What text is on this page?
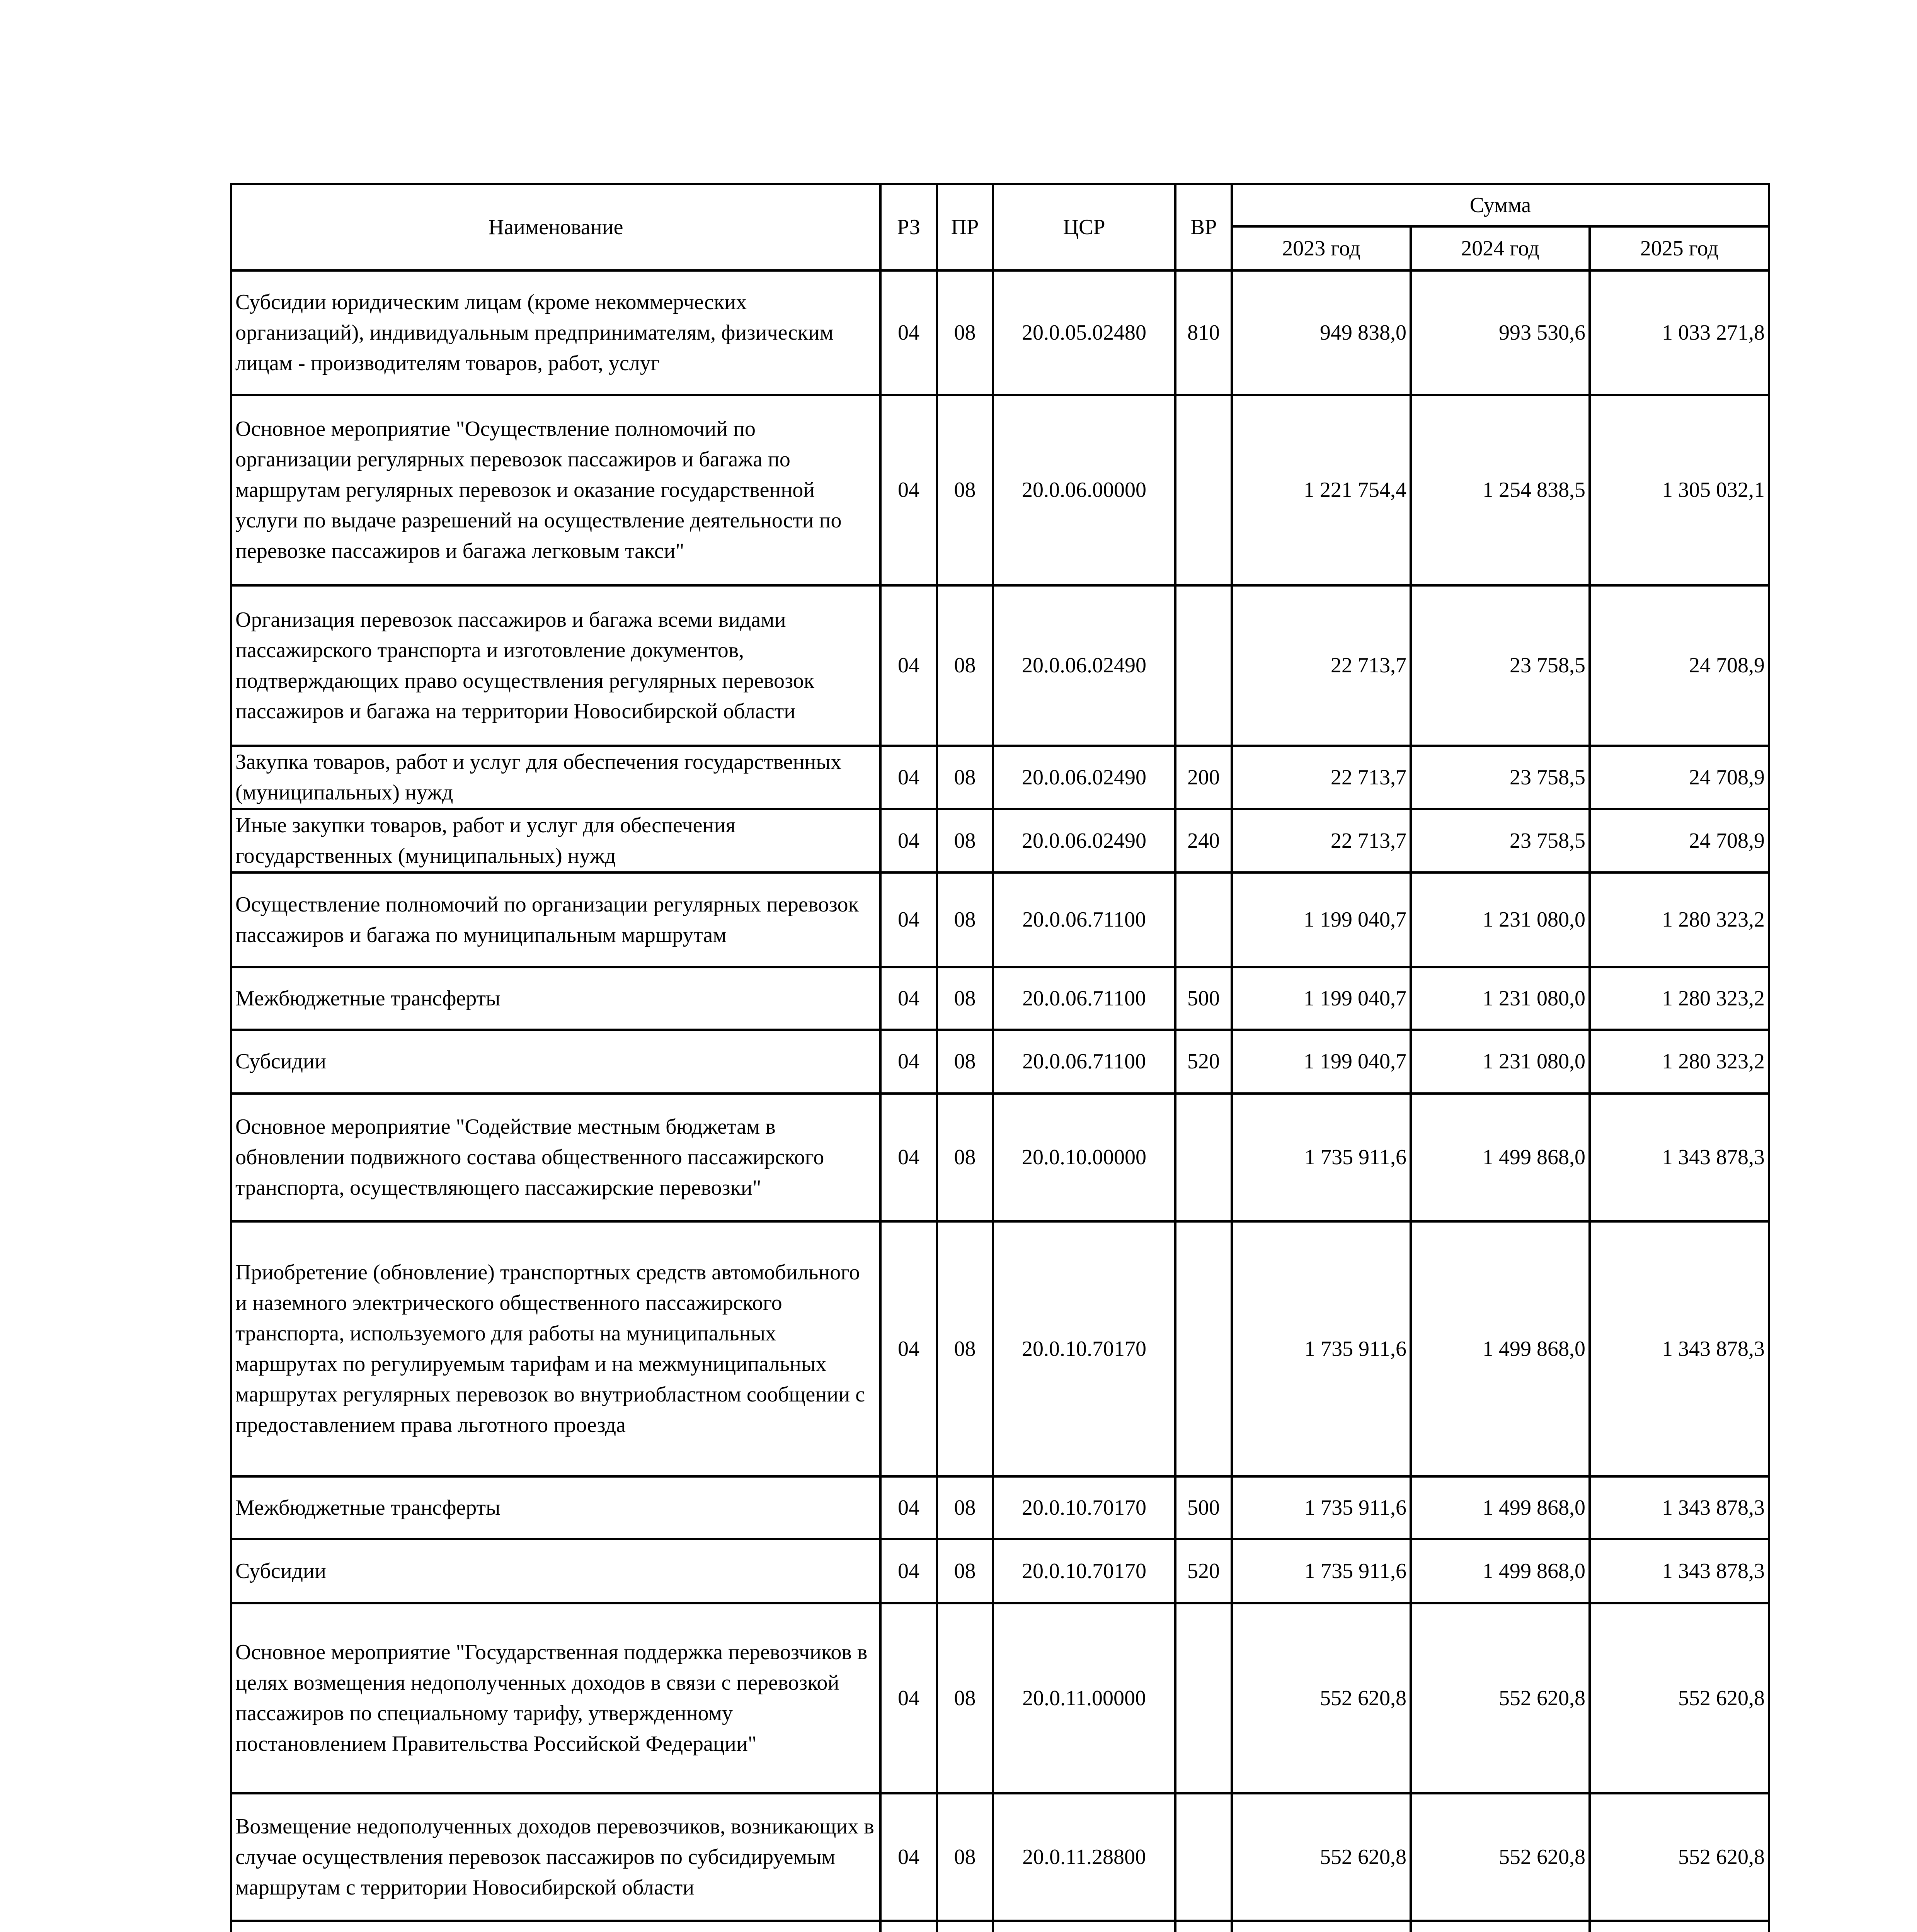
Наименование	РЗ	ПР	ЦСР	ВР	Сумма		
					2023 год	2024 год	2025 год
Субсидии юридическим лицам (кроме некоммерческих организаций), индивидуальным предпринимателям, физическим лицам - производителям товаров, работ, услуг	04	08	20.0.05.02480	810	949 838,0	993 530,6	1 033 271,8
Основное мероприятие "Осуществление полномочий по организации регулярных перевозок пассажиров и багажа по маршрутам регулярных перевозок и оказание государственной услуги по выдаче разрешений на осуществление деятельности по перевозке пассажиров и багажа легковым такси"	04	08	20.0.06.00000		1 221 754,4	1 254 838,5	1 305 032,1
Организация перевозок пассажиров и багажа всеми видами пассажирского транспорта и изготовление документов, подтверждающих право осуществления регулярных перевозок пассажиров и багажа на территории Новосибирской области	04	08	20.0.06.02490		22 713,7	23 758,5	24 708,9
Закупка товаров, работ и услуг для обеспечения государственных (муниципальных) нужд	04	08	20.0.06.02490	200	22 713,7	23 758,5	24 708,9
Иные закупки товаров, работ и услуг для обеспечения государственных (муниципальных) нужд	04	08	20.0.06.02490	240	22 713,7	23 758,5	24 708,9
Осуществление полномочий по организации регулярных перевозок пассажиров и багажа по муниципальным маршрутам	04	08	20.0.06.71100		1 199 040,7	1 231 080,0	1 280 323,2
Межбюджетные трансферты	04	08	20.0.06.71100	500	1 199 040,7	1 231 080,0	1 280 323,2
Субсидии	04	08	20.0.06.71100	520	1 199 040,7	1 231 080,0	1 280 323,2
Основное мероприятие "Содействие местным бюджетам в обновлении подвижного состава общественного пассажирского транспорта, осуществляющего пассажирские перевозки"	04	08	20.0.10.00000		1 735 911,6	1 499 868,0	1 343 878,3
Приобретение (обновление) транспортных средств автомобильного и наземного электрического общественного пассажирского транспорта, используемого для работы на муниципальных маршрутах по регулируемым тарифам и на межмуниципальных маршрутах регулярных перевозок во внутриобластном сообщении с предоставлением права льготного проезда	04	08	20.0.10.70170		1 735 911,6	1 499 868,0	1 343 878,3
Межбюджетные трансферты	04	08	20.0.10.70170	500	1 735 911,6	1 499 868,0	1 343 878,3
Субсидии	04	08	20.0.10.70170	520	1 735 911,6	1 499 868,0	1 343 878,3
Основное мероприятие "Государственная поддержка перевозчиков в целях возмещения недополученных доходов в связи с перевозкой пассажиров по специальному тарифу, утвержденному постановлением Правительства Российской Федерации"	04	08	20.0.11.00000		552 620,8	552 620,8	552 620,8
Возмещение недополученных доходов перевозчиков, возникающих в случае осуществления перевозок пассажиров по субсидируемым маршрутам с территории Новосибирской области	04	08	20.0.11.28800		552 620,8	552 620,8	552 620,8
